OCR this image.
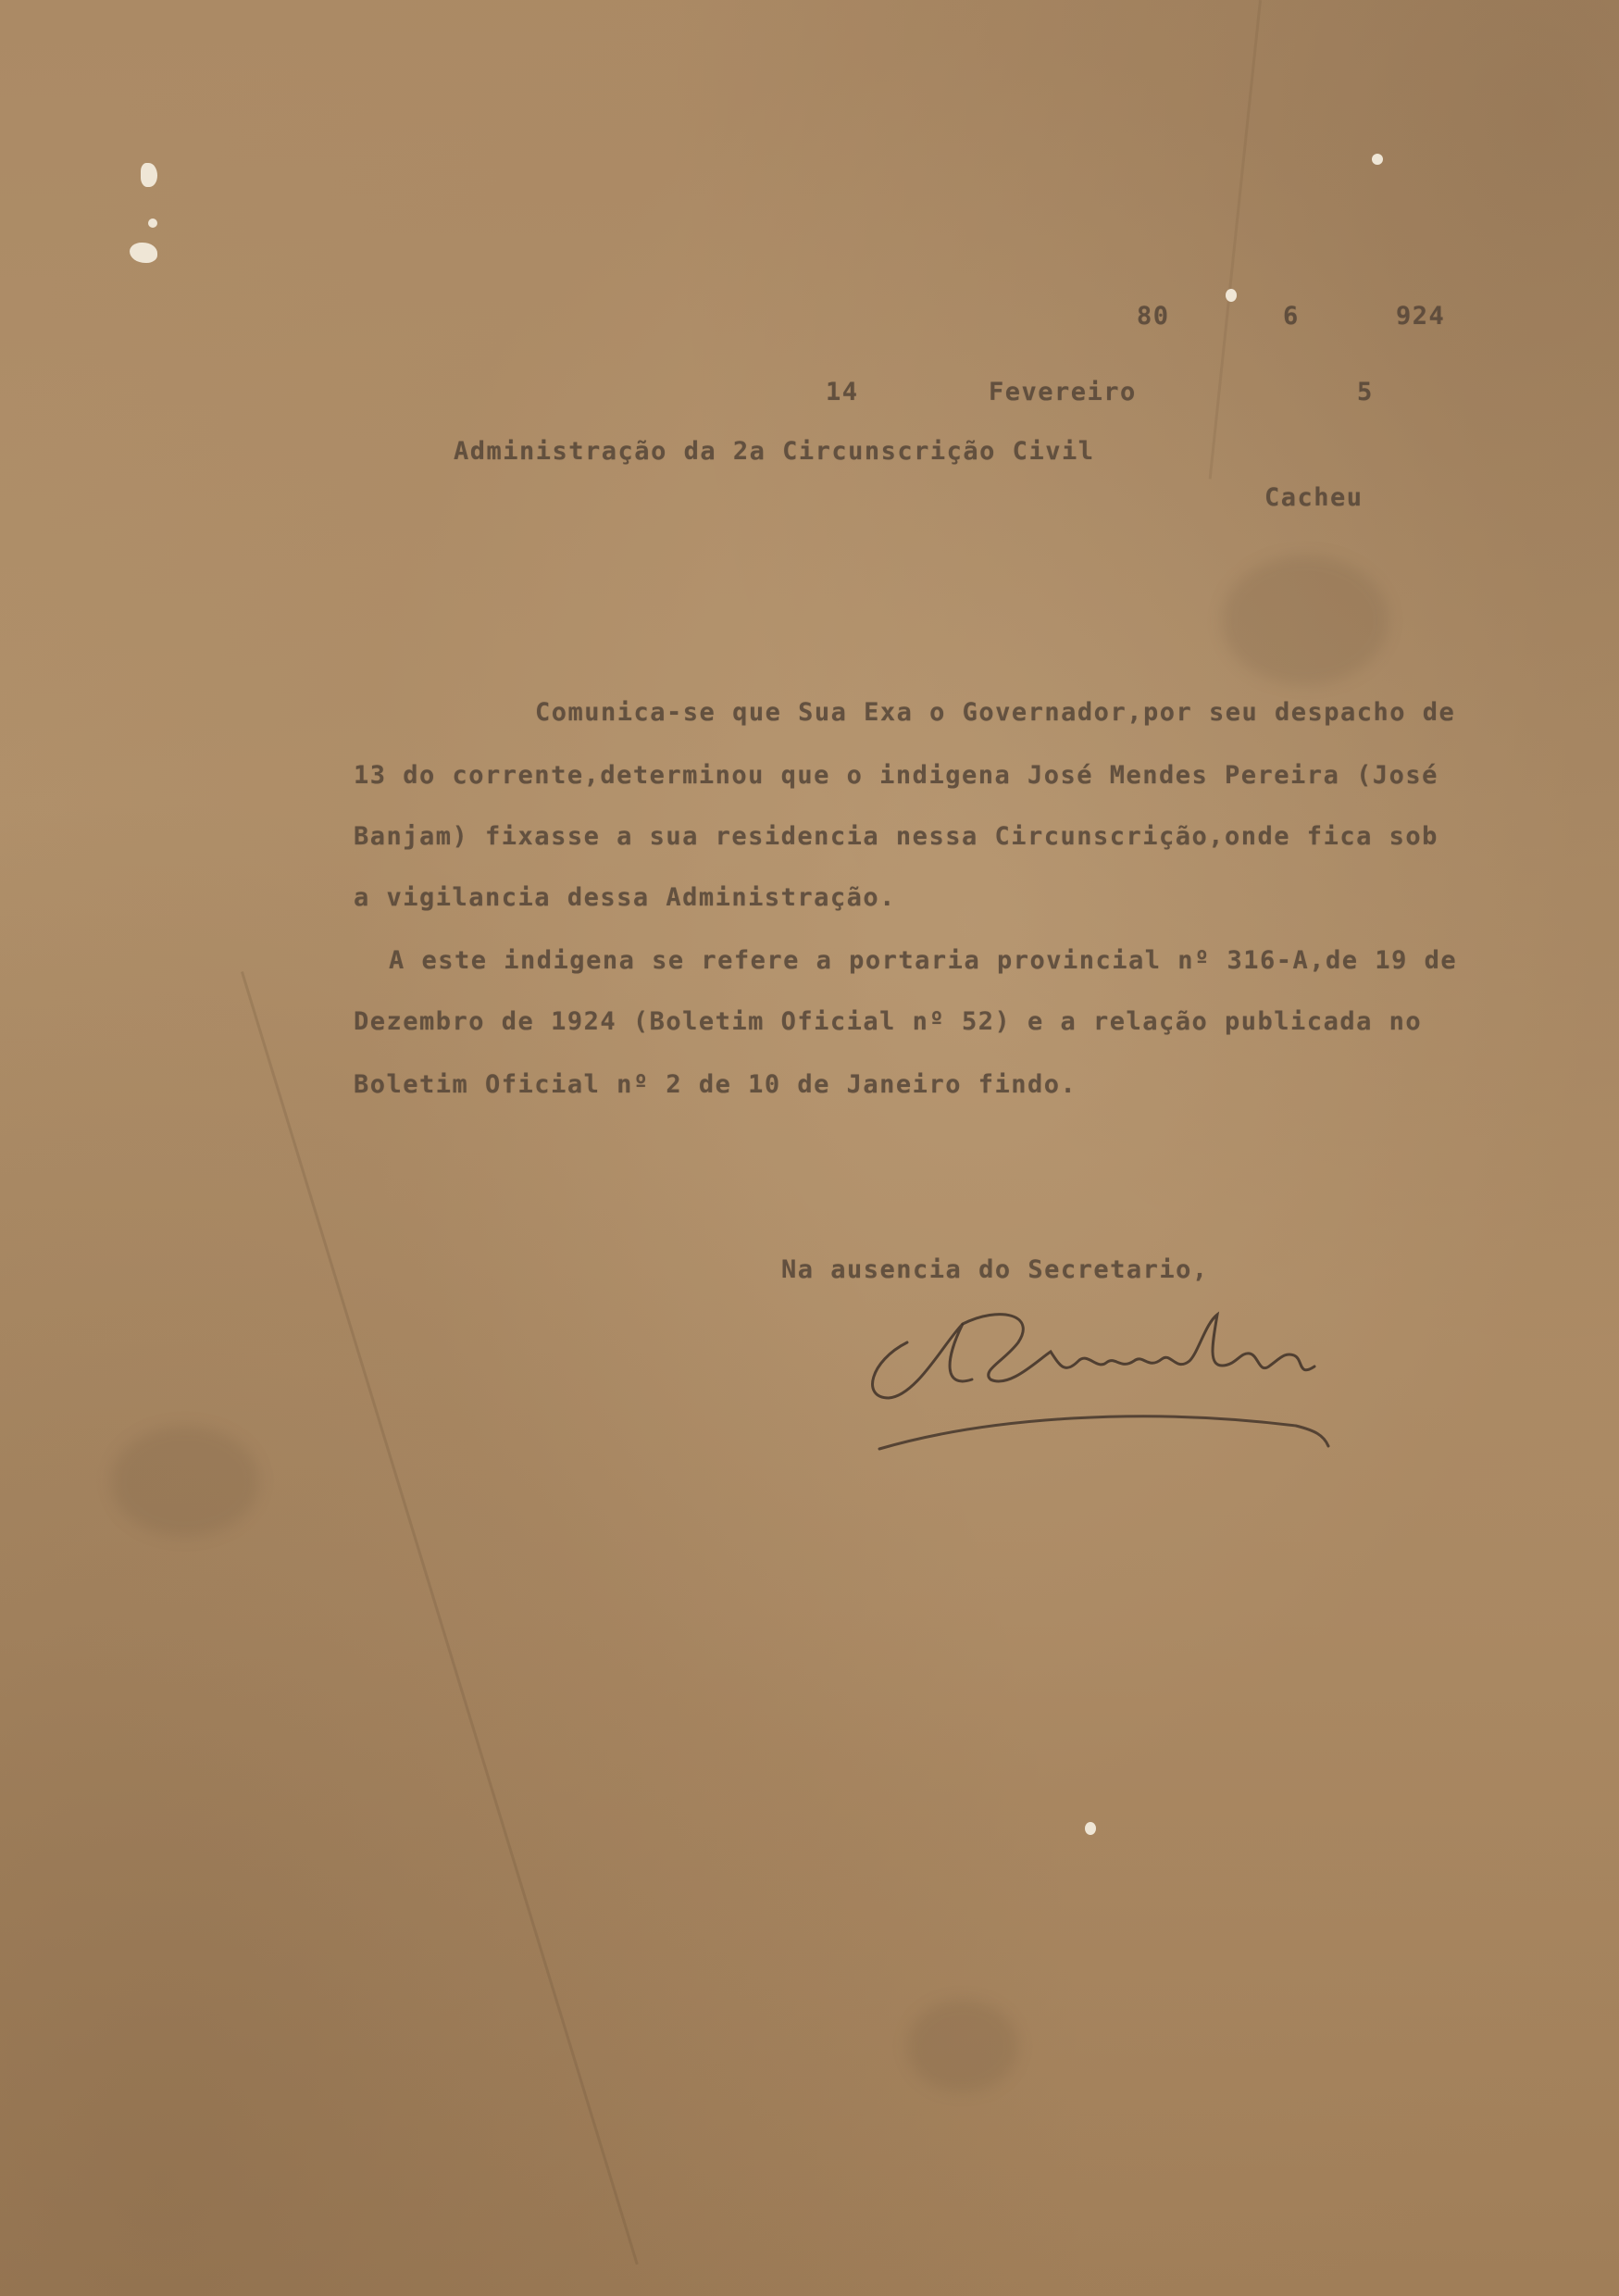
80	6	924
14	Fevereiro	5
Administração da 2a Circunscrição Civil
Cacheu
Comunica-se que Sua Exa o Governador,por seu despacho de
13 do corrente,determinou que o indigena José Mendes Pereira (José
Banjam) fixasse a sua residencia nessa Circunscrição,onde fica sob
a vigilancia dessa Administração.
A este indigena se refere a portaria provincial nº 316-A,de 19 de
Dezembro de 1924 (Boletim Oficial nº 52) e a relação publicada no
Boletim Oficial nº 2 de 10 de Janeiro findo.
Na ausencia do Secretario,
